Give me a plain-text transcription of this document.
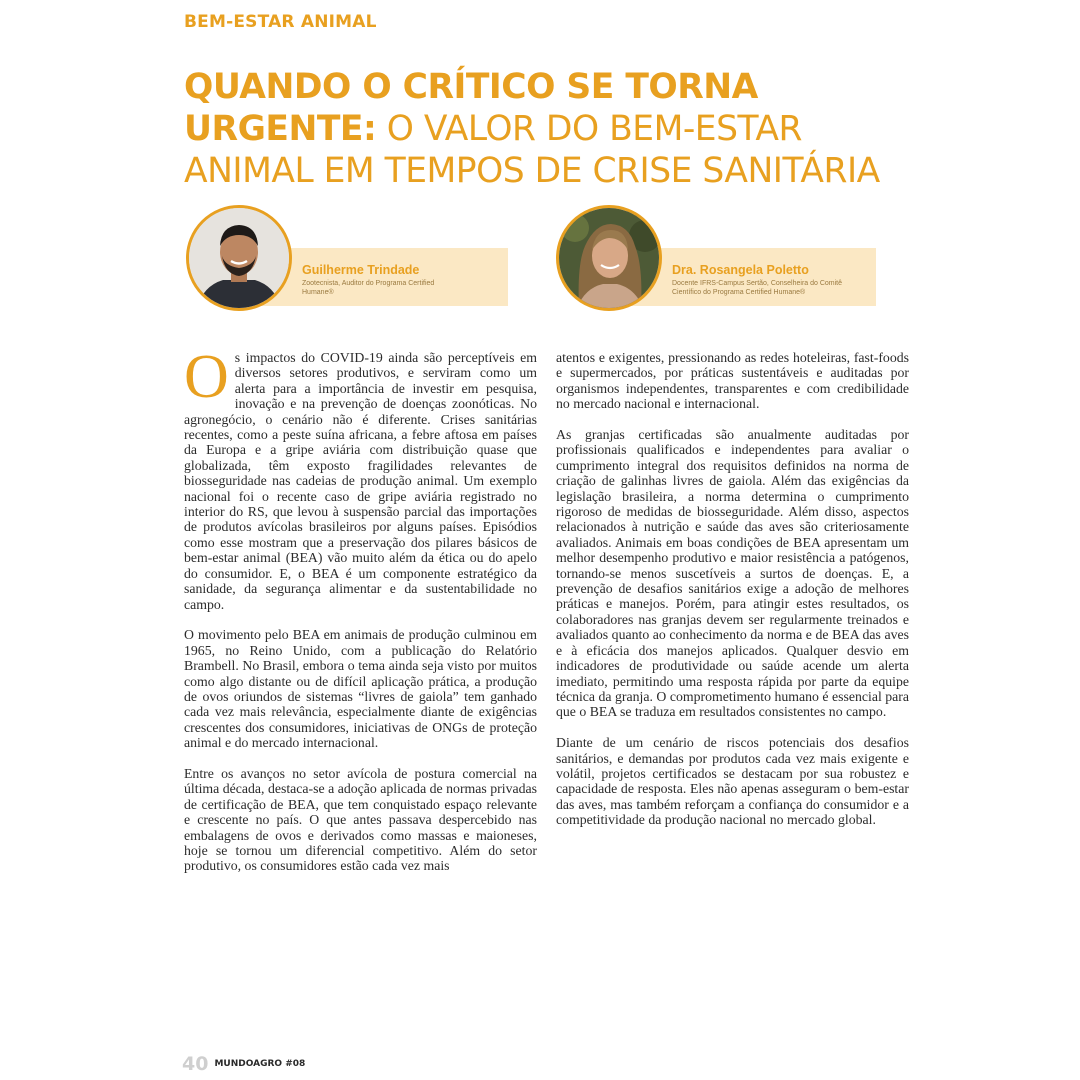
BEM-ESTAR ANIMAL
QUANDO O CRÍTICO SE TORNA
URGENTE: O VALOR DO BEM-ESTAR
ANIMAL EM TEMPOS DE CRISE SANITÁRIA
Guilherme Trindade
Zootecnista, Auditor do Programa Certified
Humane®
Dra. Rosangela Poletto
Docente IFRS-Campus Sertão, Conselheira do Comitê
Científico do Programa Certified Humane®

Os impactos do COVID-19 ainda são perceptíveis em diversos setores produtivos, e serviram como um alerta para a importância de investir em pesquisa, inovação e na prevenção de doenças zoonóticas. No agronegócio, o cenário não é diferente. Crises sanitárias recentes, como a peste suína africana, a febre aftosa em países da Europa e a gripe aviária com distribuição quase que globalizada, têm exposto fragilidades relevantes de biosseguridade nas cadeias de produção animal. Um exemplo nacional foi o recente caso de gripe aviária registrado no interior do RS, que levou à suspensão parcial das importações de produtos avícolas brasileiros por alguns países. Episódios como esse mostram que a preservação dos pilares básicos de bem-estar animal (BEA) vão muito além da ética ou do apelo do consumidor. E, o BEA é um componente estratégico da sanidade, da segurança alimentar e da sustentabilidade no campo.

O movimento pelo BEA em animais de produção culminou em 1965, no Reino Unido, com a publicação do Relatório Brambell. No Brasil, embora o tema ainda seja visto por muitos como algo distante ou de difícil aplicação prática, a produção de ovos oriundos de sistemas “livres de gaiola” tem ganhado cada vez mais relevância, especialmente diante de exigências crescentes dos consumidores, iniciativas de ONGs de proteção animal e do mercado internacional.

Entre os avanços no setor avícola de postura comercial na última década, destaca-se a adoção aplicada de normas privadas de certificação de BEA, que tem conquistado espaço relevante e crescente no país. O que antes passava despercebido nas embalagens de ovos e derivados como massas e maioneses, hoje se tornou um diferencial competitivo. Além do setor produtivo, os consumidores estão cada vez mais

atentos e exigentes, pressionando as redes hoteleiras, fast-foods e supermercados, por práticas sustentáveis e auditadas por organismos independentes, transparentes e com credibilidade no mercado nacional e internacional.

As granjas certificadas são anualmente auditadas por profissionais qualificados e independentes para avaliar o cumprimento integral dos requisitos definidos na norma de criação de galinhas livres de gaiola. Além das exigências da legislação brasileira, a norma determina o cumprimento rigoroso de medidas de biosseguridade. Além disso, aspectos relacionados à nutrição e saúde das aves são criteriosamente avaliados. Animais em boas condições de BEA apresentam um melhor desempenho produtivo e maior resistência a patógenos, tornando-se menos suscetíveis a surtos de doenças. E, a prevenção de desafios sanitários exige a adoção de melhores práticas e manejos. Porém, para atingir estes resultados, os colaboradores nas granjas devem ser regularmente treinados e avaliados quanto ao conhecimento da norma e de BEA das aves e à eficácia dos manejos aplicados. Qualquer desvio em indicadores de produtividade ou saúde acende um alerta imediato, permitindo uma resposta rápida por parte da equipe técnica da granja. O comprometimento humano é essencial para que o BEA se traduza em resultados consistentes no campo.

Diante de um cenário de riscos potenciais dos desafios sanitários, e demandas por produtos cada vez mais exigente e volátil, projetos certificados se destacam por sua robustez e capacidade de resposta. Eles não apenas asseguram o bem-estar das aves, mas também reforçam a confiança do consumidor e a competitividade da produção nacional no mercado global.

40 MUNDOAGRO #08
